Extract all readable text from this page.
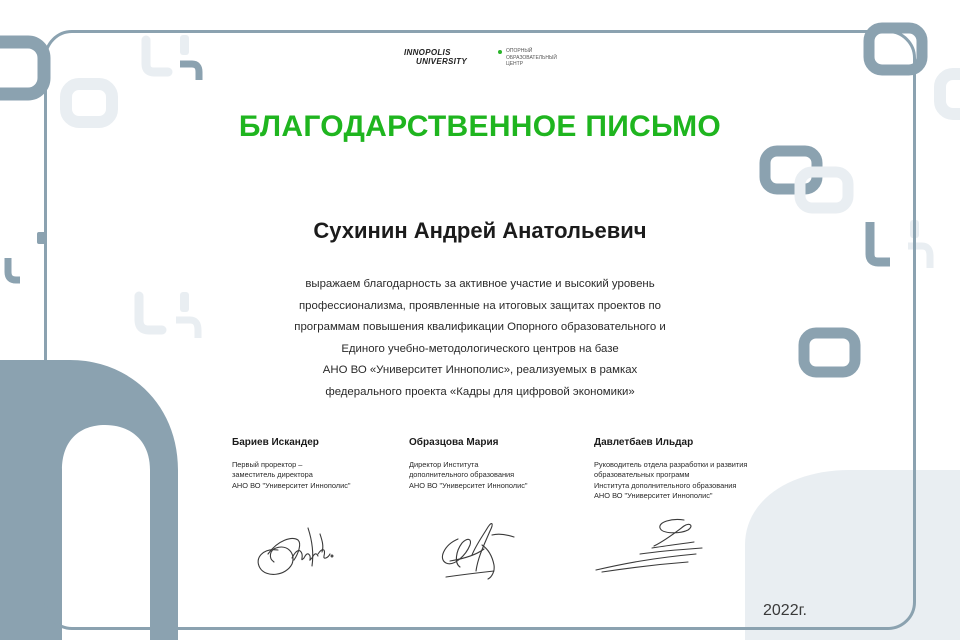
INNOPOLIS
UNIVERSITY
ОПОРНЫЙ
ОБРАЗОВАТЕЛЬНЫЙ
ЦЕНТР
БЛАГОДАРСТВЕННОЕ ПИСЬМО
Сухинин Андрей Анатольевич
выражаем благодарность за активное участие и высокий уровень
профессионализма, проявленные на итоговых защитах проектов по
программам повышения квалификации Опорного образовательного и
Единого учебно-методологического центров на базе
АНО ВО «Университет Иннополис», реализуемых в рамках
федерального проекта «Кадры для цифровой экономики»
Бариев Искандер
Первый проректор –
заместитель директора
АНО ВО "Университет Иннополис"
Образцова Мария
Директор Института
дополнительного образования
АНО ВО "Университет Иннополис"
Давлетбаев Ильдар
Руководитель отдела разработки и развития
образовательных программ
Института дополнительного образования
АНО ВО "Университет Иннополис"
2022г.
